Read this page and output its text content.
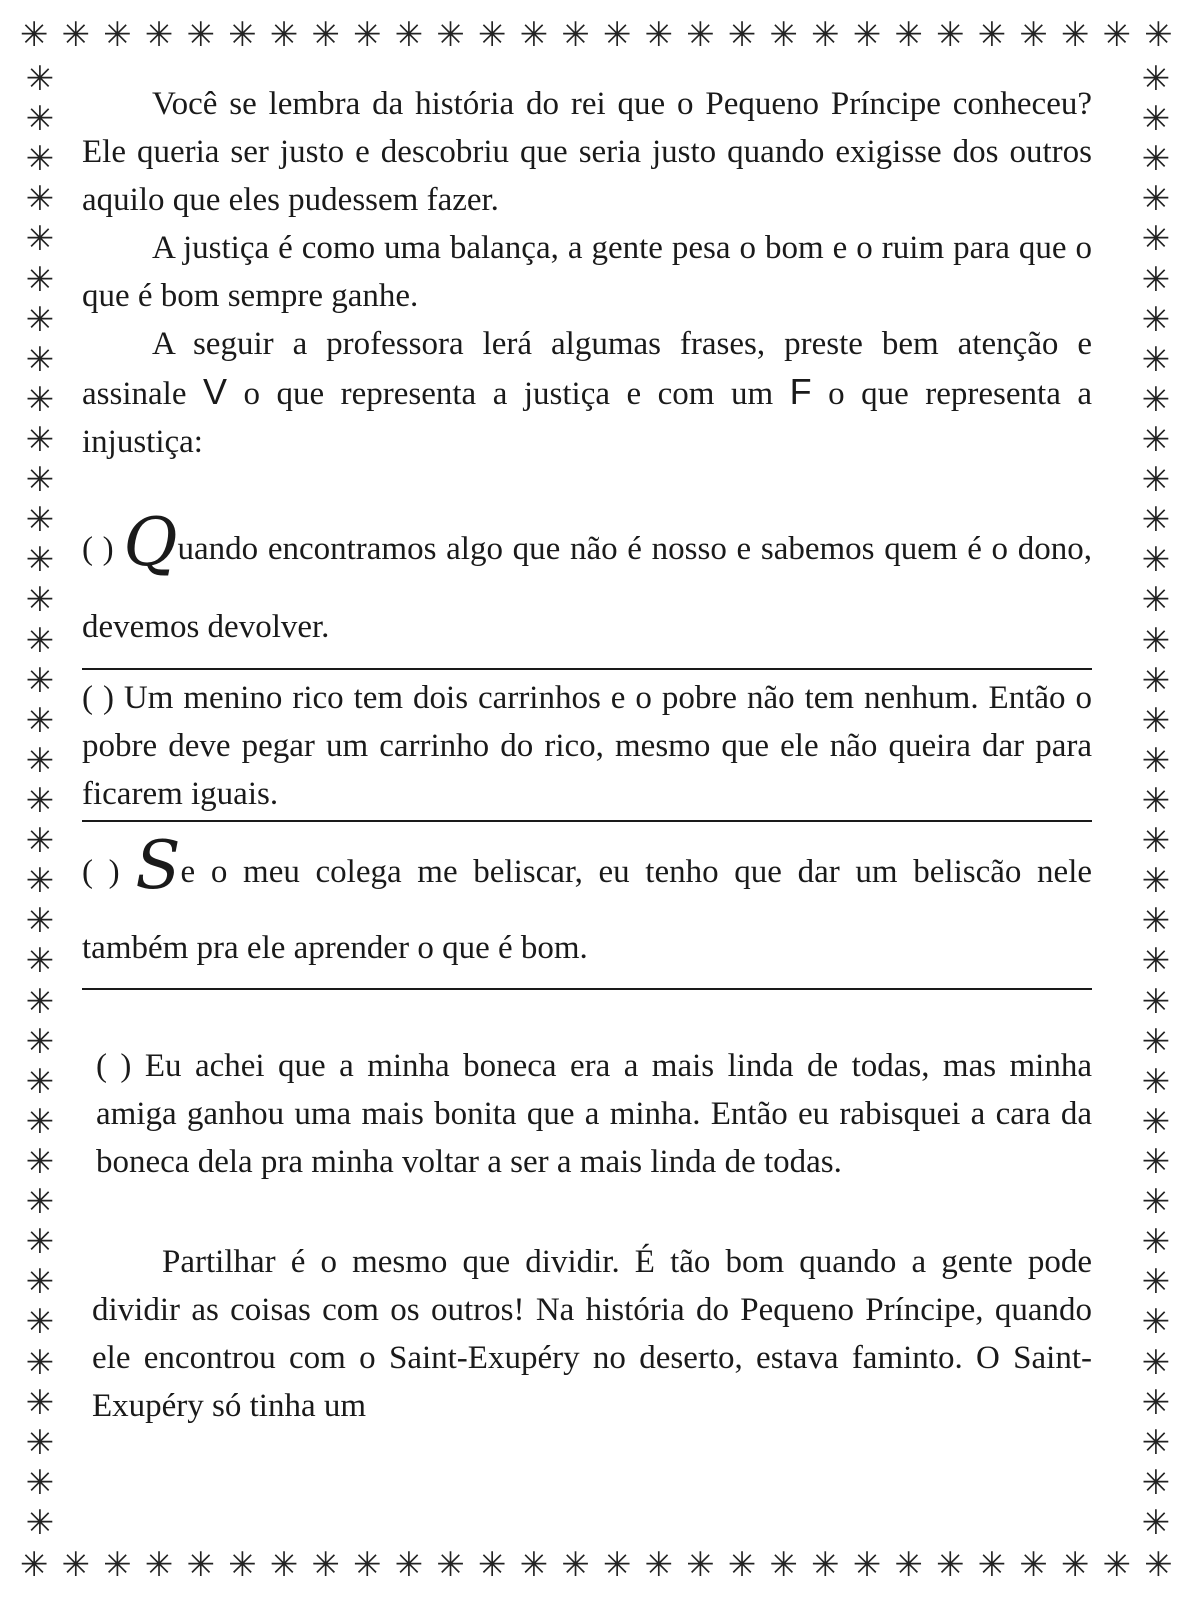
✳ ✳ ✳ ✳ ✳ ✳ ✳ ✳ ✳ ✳ ✳ ✳ ✳ ✳ ✳ ✳ ✳ ✳ ✳ ✳ ✳ ✳ ✳ ✳ ✳ ✳ ✳ ✳
✳ ✳ ✳ ✳ ✳ ✳ ✳ ✳ ✳ ✳ ✳ ✳ ✳ ✳ ✳ ✳ ✳ ✳ ✳ ✳ ✳ ✳ ✳ ✳ ✳ ✳ ✳ ✳
✳
✳
✳
✳
✳
✳
✳
✳
✳
✳
✳
✳
✳
✳
✳
✳
✳
✳
✳
✳
✳
✳
✳
✳
✳
✳
✳
✳
✳
✳
✳
✳
✳
✳
✳
✳
✳
✳
✳
✳
✳
✳
✳
✳
✳
✳
✳
✳
✳
✳
✳
✳
✳
✳
✳
✳
✳
✳
✳
✳
✳
✳
✳
✳
✳
✳
✳
✳
✳
✳
✳
✳
✳
✳

Você se lembra da história do rei que o Pequeno Príncipe conheceu? Ele queria ser justo e descobriu que seria justo quando exigisse dos outros aquilo que eles pudessem fazer.

A justiça é como uma balança, a gente pesa o bom e o ruim para que o que é bom sempre ganhe.

A seguir a professora lerá algumas frases, preste bem atenção e assinale V o que representa a justiça e com um F o que representa a injustiça:

( ) Quando encontramos algo que não é nosso e sabemos quem é o dono, devemos devolver.

( ) Um menino rico tem dois carrinhos e o pobre não tem nenhum. Então o pobre deve pegar um carrinho do rico, mesmo que ele não queira dar para ficarem iguais.

( ) Se o meu colega me beliscar, eu tenho que dar um beliscão nele também pra ele aprender o que é bom.

( ) Eu achei que a minha boneca era a mais linda de todas, mas minha amiga ganhou uma mais bonita que a minha. Então eu rabisquei a cara da boneca dela pra minha voltar a ser a mais linda de todas.

Partilhar é o mesmo que dividir. É tão bom quando a gente pode dividir as coisas com os outros! Na história do Pequeno Príncipe, quando ele encontrou com o Saint-Exupéry no deserto, estava faminto. O Saint-Exupéry só tinha um
